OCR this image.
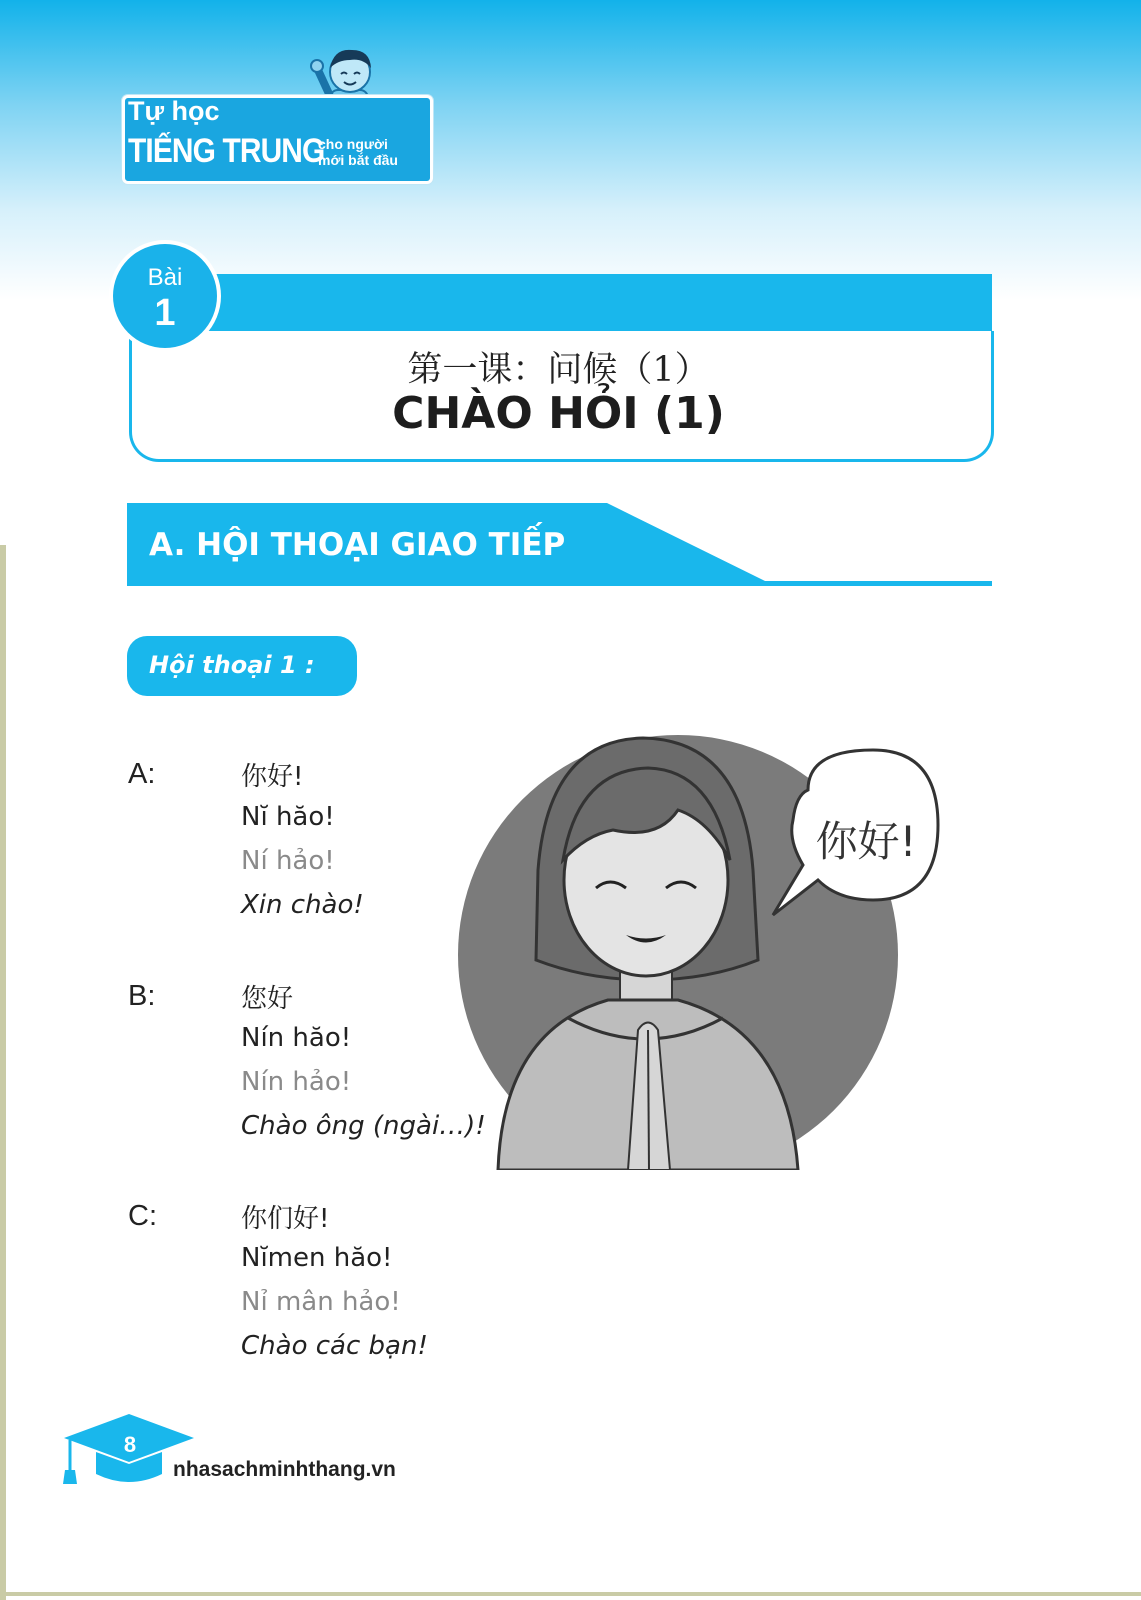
Tự học
TIẾNG TRUNG
cho người
mới bắt đầu
Bài
1
第一课：问候（1）
CHÀO HỎI (1)
A. HỘI THOẠI GIAO TIẾP
Hội thoại 1 :
你好!
A:	你好!
Nĭ hăo!
Ní hảo!
Xin chào!
B:	您好
Nín hăo!
Nín hảo!
Chào ông (ngài…)!
C:	你们好!
Nĭmen hăo!
Nỉ mân hảo!
Chào các bạn!
8
nhasachminhthang.vn
